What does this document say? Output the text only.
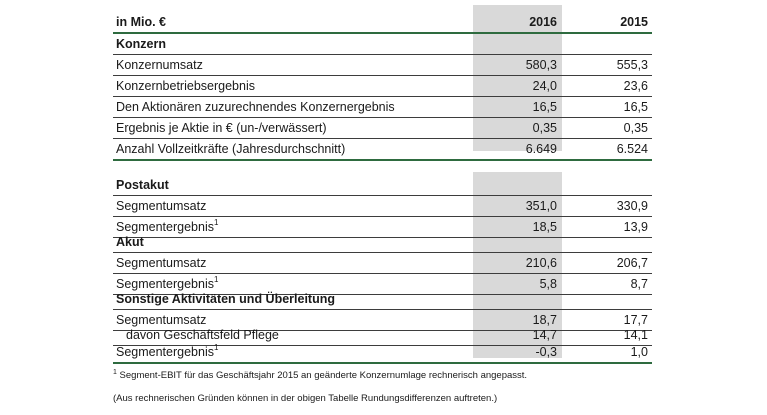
in Mio. €	2016	2015
Konzern
Konzernumsatz	580,3	555,3
Konzernbetriebsergebnis	24,0	23,6
Den Aktionären zuzurechnendes Konzernergebnis	16,5	16,5
Ergebnis je Aktie in € (un-/verwässert)	0,35	0,35
Anzahl Vollzeitkräfte (Jahresdurchschnitt)	6.649	6.524
Postakut
Segmentumsatz	351,0	330,9
Segmentergebnis$^1$	18,5	13,9
Akut
Segmentumsatz	210,6	206,7
Segmentergebnis$^1$	5,8	8,7
Sonstige Aktivitäten und Überleitung
Segmentumsatz	18,7	17,7
davon Geschäftsfeld Pflege	14,7	14,1
Segmentergebnis$^1$	-0,3	1,0
$^1$ Segment-EBIT für das Geschäftsjahr 2015 an geänderte Konzernumlage rechnerisch angepasst.
(Aus rechnerischen Gründen können in der obigen Tabelle Rundungsdifferenzen auftreten.)
